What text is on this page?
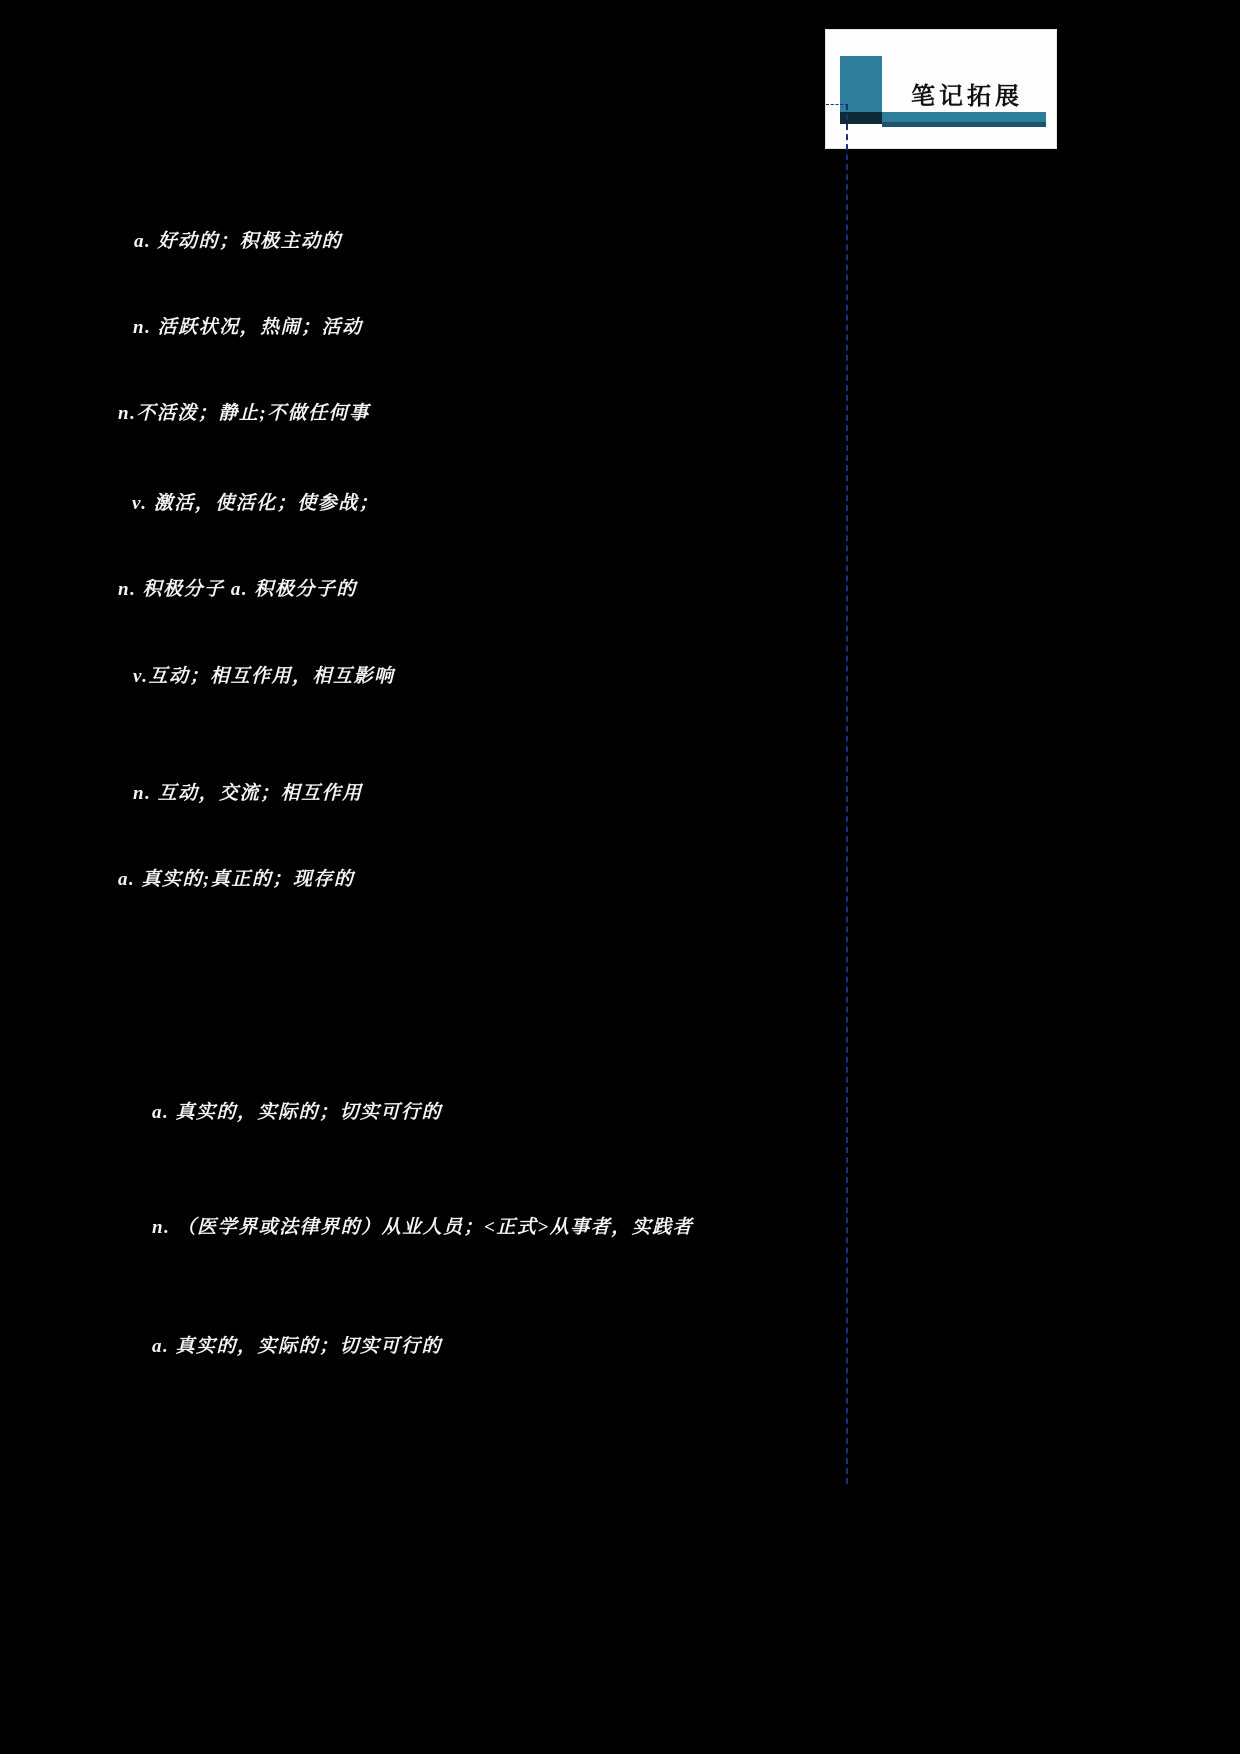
笔记拓展
a. 好动的；积极主动的
n. 活跃状况，热闹；活动
n.不活泼；静止;不做任何事
v. 激活，使活化；使参战；
n. 积极分子 a. 积极分子的
v.互动；相互作用，相互影响
n. 互动，交流；相互作用
a. 真实的;真正的；现存的
a. 真实的，实际的；切实可行的
n. （医学界或法律界的）从业人员；<正式>从事者，实践者
a. 真实的，实际的；切实可行的
